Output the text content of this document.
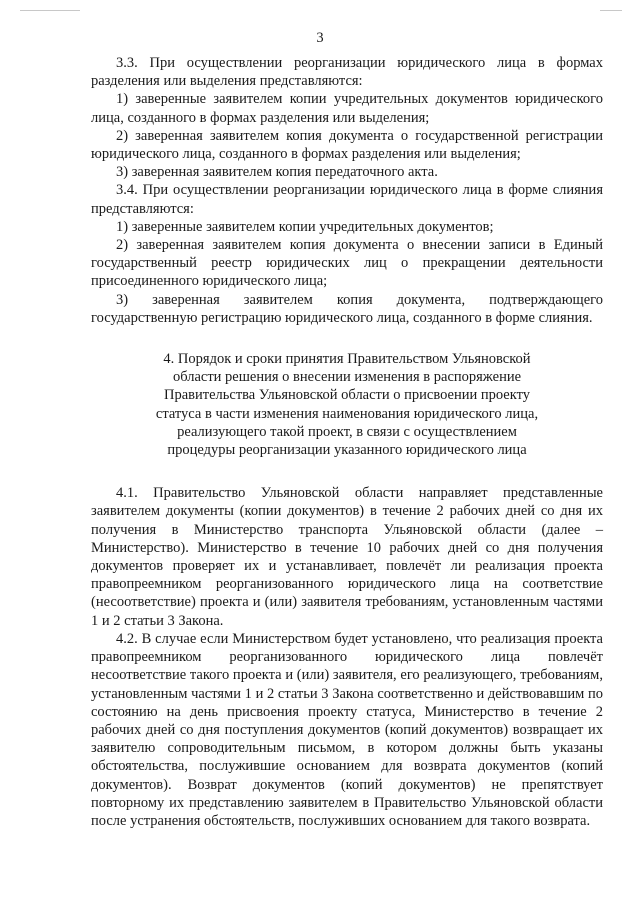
3

3.3. При осуществлении реорганизации юридического лица в формах разделения или выделения представляются:

1) заверенные заявителем копии учредительных документов юридического лица, созданного в формах разделения или выделения;

2) заверенная заявителем копия документа о государственной регистрации юридического лица, созданного в формах разделения или выделения;

3) заверенная заявителем копия передаточного акта.

3.4. При осуществлении реорганизации юридического лица в форме слияния представляются:

1) заверенные заявителем копии учредительных документов;

2) заверенная заявителем копия документа о внесении записи в Единый государственный реестр юридических лиц о прекращении деятельности присоединенного юридического лица;

3) заверенная заявителем копия документа, подтверждающего государственную регистрацию юридического лица, созданного в форме слияния.

4. Порядок и сроки принятия Правительством Ульяновской
области решения о внесении изменения в распоряжение
Правительства Ульяновской области о присвоении проекту
статуса в части изменения наименования юридического лица,
реализующего такой проект, в связи с осуществлением
процедуры реорганизации указанного юридического лица

4.1. Правительство Ульяновской области направляет представленные заявителем документы (копии документов) в течение 2 рабочих дней со дня их получения в Министерство транспорта Ульяновской области (далее – Министерство). Министерство в течение 10 рабочих дней со дня получения документов проверяет их и устанавливает, повлечёт ли реализация проекта правопреемником реорганизованного юридического лица на соответствие (несоответствие) проекта и (или) заявителя требованиям, установленным частями 1 и 2 статьи 3 Закона.

4.2. В случае если Министерством будет установлено, что реализация проекта правопреемником реорганизованного юридического лица повлечёт несоответствие такого проекта и (или) заявителя, его реализующего, требованиям, установленным частями 1 и 2 статьи 3 Закона соответственно и действовавшим по состоянию на день присвоения проекту статуса, Министерство в течение 2 рабочих дней со дня поступления документов (копий документов) возвращает их заявителю сопроводительным письмом, в котором должны быть указаны обстоятельства, послужившие основанием для возврата документов (копий документов). Возврат документов (копий документов) не препятствует повторному их представлению заявителем в Правительство Ульяновской области после устранения обстоятельств, послуживших основанием для такого возврата.
